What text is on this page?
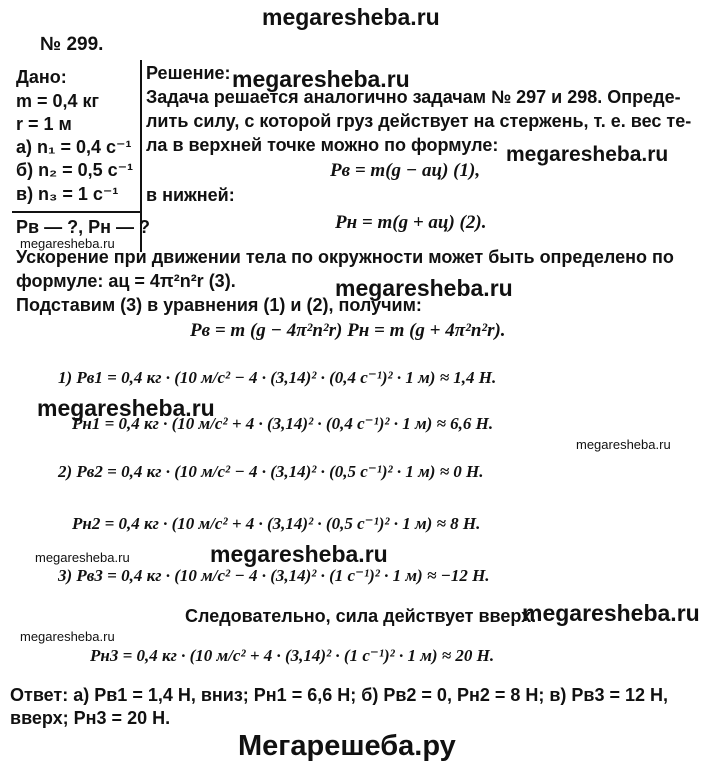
megaresheba.ru
megaresheba.ru
megaresheba.ru
megaresheba.ru
megaresheba.ru
megaresheba.ru
megaresheba.ru
megaresheba.ru	megaresheba.ru
megaresheba.ru
megaresheba.ru
Мегарешеба.ру
№ 299.
Дано:
m = 0,4 кг
r = 1 м
а) n₁ = 0,4 с⁻¹
б) n₂ = 0,5 с⁻¹
в) n₃ = 1 с⁻¹
Pв — ?, Pн — ?
Решение:
Задача решается аналогично задачам № 297 и 298. Опреде-
лить силу, с которой груз действует на стержень, т. е. вес те-
ла в верхней точке можно по формуле:
Pв = m(g − aц) (1),
в нижней:
Pн = m(g + aц) (2).
Ускорение при движении тела по окружности может быть определено по
формуле: aц = 4π²n²r (3).
Подставим (3) в уравнения (1) и (2), получим:
Pв = m (g − 4π²n²r) Pн = m (g + 4π²n²r).
1) Pв1 = 0,4 кг · (10 м/с² − 4 · (3,14)² · (0,4 с⁻¹)² · 1 м) ≈ 1,4 Н.
Pн1 = 0,4 кг · (10 м/с² + 4 · (3,14)² · (0,4 с⁻¹)² · 1 м) ≈ 6,6 Н.
2) Pв2 = 0,4 кг · (10 м/с² − 4 · (3,14)² · (0,5 с⁻¹)² · 1 м) ≈ 0 Н.
Pн2 = 0,4 кг · (10 м/с² + 4 · (3,14)² · (0,5 с⁻¹)² · 1 м) ≈ 8 Н.
3) Pв3 = 0,4 кг · (10 м/с² − 4 · (3,14)² · (1 с⁻¹)² · 1 м) ≈ −12 Н.
Следовательно, сила действует вверх.
Pн3 = 0,4 кг · (10 м/с² + 4 · (3,14)² · (1 с⁻¹)² · 1 м) ≈ 20 Н.
Ответ: а) Pв1 = 1,4 Н, вниз; Pн1 = 6,6 Н; б) Pв2 = 0, Pн2 = 8 Н; в) Pв3 = 12 Н,
вверх; Pн3 = 20 Н.
